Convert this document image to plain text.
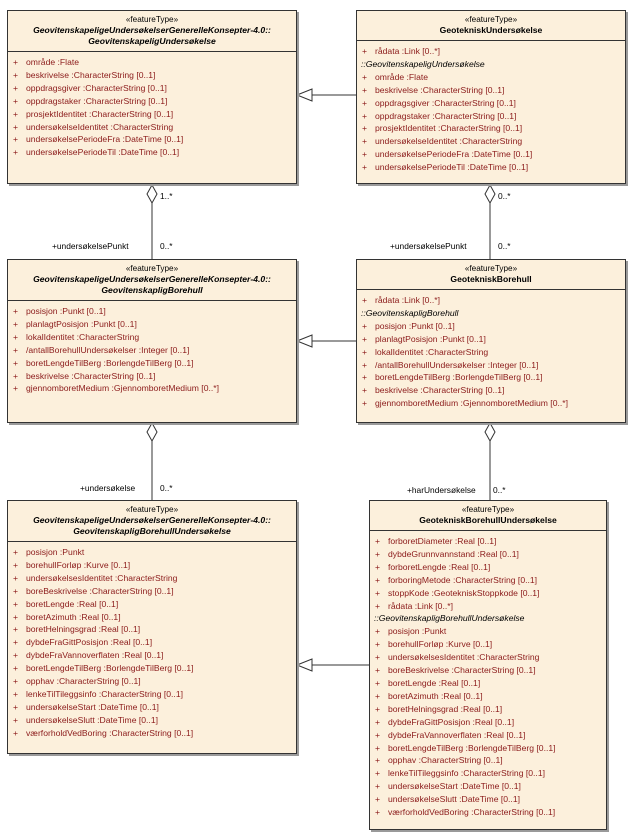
1..*
+undersøkelsePunkt	0..*
0..*
+undersøkelsePunkt	0..*
+undersøkelse	0..*	+harUndersøkelse 0..*
«featureType»
GeovitenskapeligeUndersøkelserGenerelleKonsepter-4.0::
GeovitenskapeligUndersøkelse
+ område :Flate
+ beskrivelse :CharacterString [0..1]
+ oppdragsgiver :CharacterString [0..1]
+ oppdragstaker :CharacterString [0..1]
+ prosjektIdentitet :CharacterString [0..1]
+ undersøkelseIdentitet :CharacterString
+ undersøkelsePeriodeFra :DateTime [0..1]
+ undersøkelsePeriodeTil :DateTime [0..1]
«featureType»
GeotekniskUndersøkelse
+ rådata :Link [0..*]
::GeovitenskapeligUndersøkelse
+ område :Flate
+ beskrivelse :CharacterString [0..1]
+ oppdragsgiver :CharacterString [0..1]
+ oppdragstaker :CharacterString [0..1]
+ prosjektIdentitet :CharacterString [0..1]
+ undersøkelseIdentitet :CharacterString
+ undersøkelsePeriodeFra :DateTime [0..1]
+ undersøkelsePeriodeTil :DateTime [0..1]
«featureType»
GeovitenskapeligeUndersøkelserGenerelleKonsepter-4.0::
GeovitenskapligBorehull
+ posisjon :Punkt [0..1]
+ planlagtPosisjon :Punkt [0..1]
+ lokalIdentitet :CharacterString
+ /antallBorehullUndersøkelser :Integer [0..1]
+ boretLengdeTilBerg :BorlengdeTilBerg [0..1]
+ beskrivelse :CharacterString [0..1]
+ gjennomboretMedium :GjennomboretMedium [0..*]
«featureType»
GeotekniskBorehull
+ rådata :Link [0..*]
::GeovitenskapligBorehull
+ posisjon :Punkt [0..1]
+ planlagtPosisjon :Punkt [0..1]
+ lokalIdentitet :CharacterString
+ /antallBorehullUndersøkelser :Integer [0..1]
+ boretLengdeTilBerg :BorlengdeTilBerg [0..1]
+ beskrivelse :CharacterString [0..1]
+ gjennomboretMedium :GjennomboretMedium [0..*]
«featureType»
GeovitenskapeligeUndersøkelserGenerelleKonsepter-4.0::
GeovitenskapligBorehullUndersøkelse
+ posisjon :Punkt
+ borehullForløp :Kurve [0..1]
+ undersøkelsesIdentitet :CharacterString
+ boreBeskrivelse :CharacterString [0..1]
+ boretLengde :Real [0..1]
+ boretAzimuth :Real [0..1]
+ boretHelningsgrad :Real [0..1]
+ dybdeFraGittPosisjon :Real [0..1]
+ dybdeFraVannoverflaten :Real [0..1]
+ boretLengdeTilBerg :BorlengdeTilBerg [0..1]
+ opphav :CharacterString [0..1]
+ lenkeTilTileggsinfo :CharacterString [0..1]
+ undersøkelseStart :DateTime [0..1]
+ undersøkelseSlutt :DateTime [0..1]
+ værforholdVedBoring :CharacterString [0..1]
«featureType»
GeotekniskBorehullUndersøkelse
+ forboretDiameter :Real [0..1]
+ dybdeGrunnvannstand :Real [0..1]
+ forboretLengde :Real [0..1]
+ forboringMetode :CharacterString [0..1]
+ stoppKode :GeotekniskStoppkode [0..1]
+ rådata :Link [0..*]
::GeovitenskapligBorehullUndersøkelse
+ posisjon :Punkt
+ borehullForløp :Kurve [0..1]
+ undersøkelsesIdentitet :CharacterString
+ boreBeskrivelse :CharacterString [0..1]
+ boretLengde :Real [0..1]
+ boretAzimuth :Real [0..1]
+ boretHelningsgrad :Real [0..1]
+ dybdeFraGittPosisjon :Real [0..1]
+ dybdeFraVannoverflaten :Real [0..1]
+ boretLengdeTilBerg :BorlengdeTilBerg [0..1]
+ opphav :CharacterString [0..1]
+ lenkeTilTileggsinfo :CharacterString [0..1]
+ undersøkelseStart :DateTime [0..1]
+ undersøkelseSlutt :DateTime [0..1]
+ værforholdVedBoring :CharacterString [0..1]
